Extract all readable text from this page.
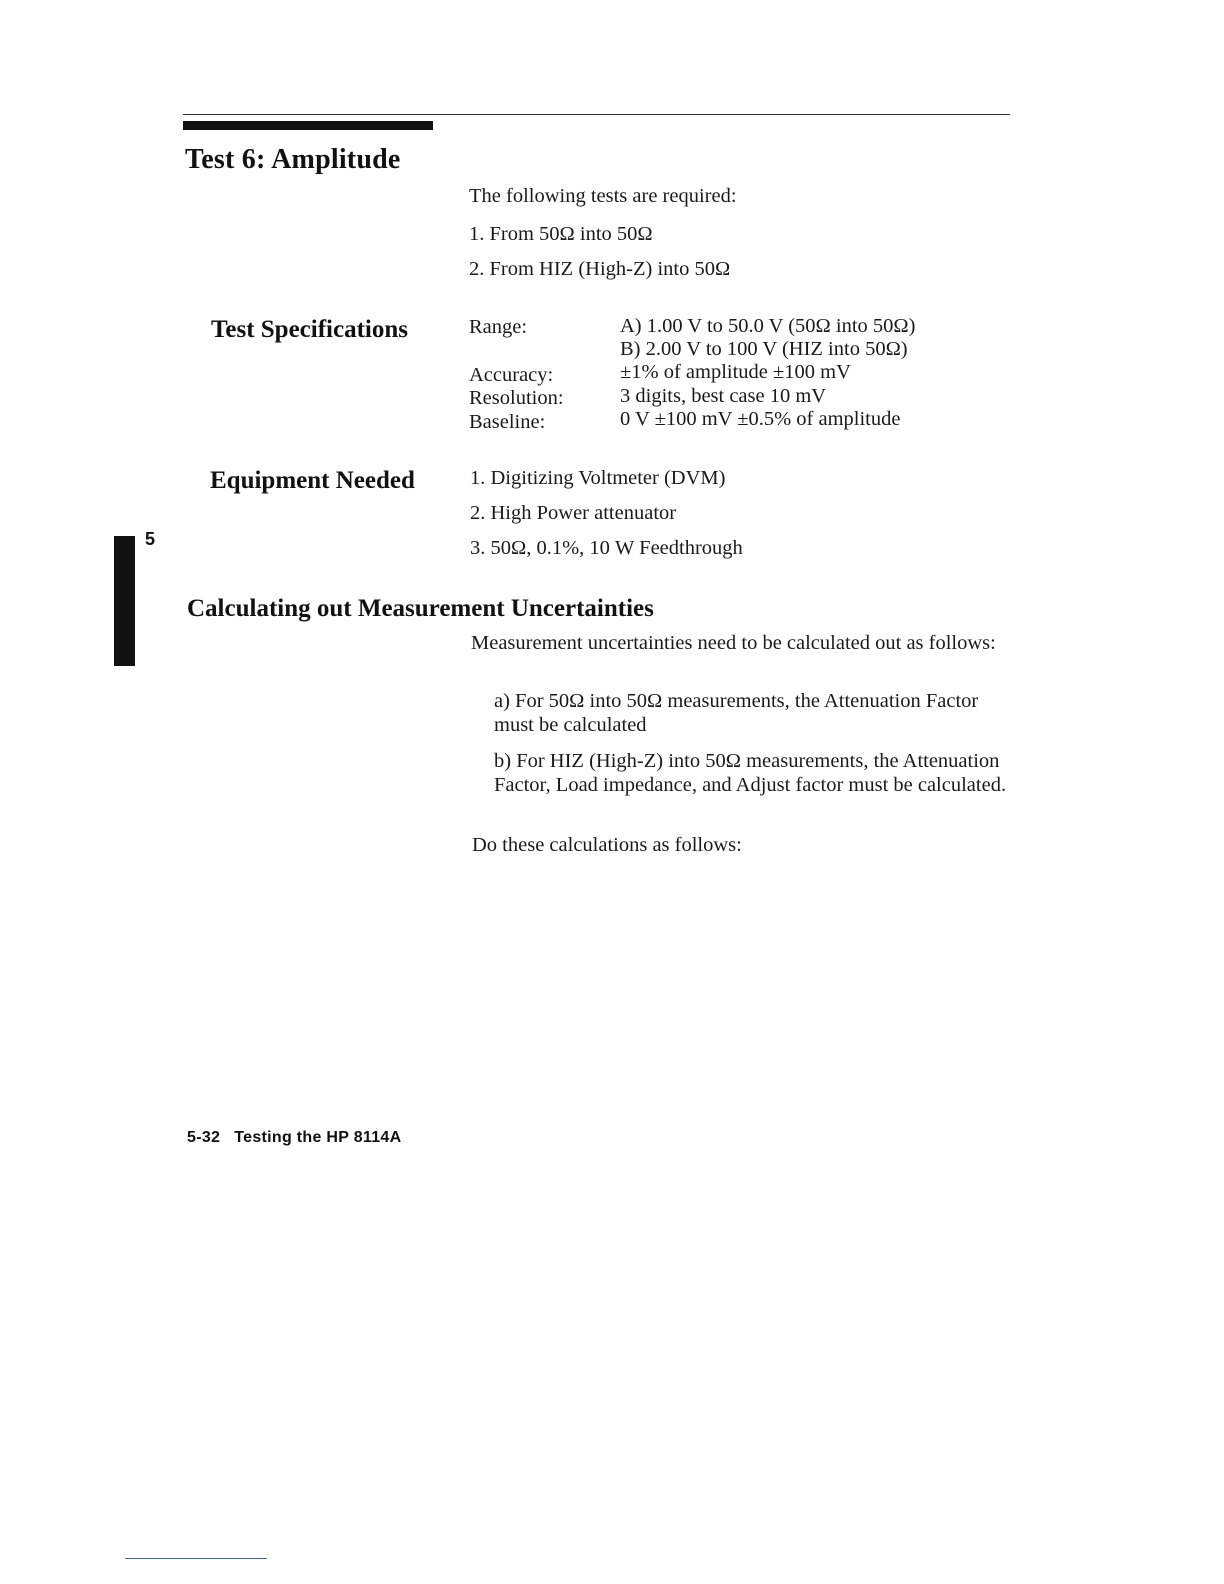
Test 6: Amplitude
The following tests are required:
1. From 50Ω into 50Ω
2. From HIZ (High-Z) into 50Ω
Test Specifications	Range:	A) 1.00 V to 50.0 V (50Ω into 50Ω)
B) 2.00 V to 100 V (HIZ into 50Ω)
Accuracy:	±1% of amplitude ±100 mV
Resolution:	3 digits, best case 10 mV
Baseline:	0 V ±100 mV ±0.5% of amplitude
Equipment Needed	1. Digitizing Voltmeter (DVM)
2. High Power attenuator
3. 50Ω, 0.1%, 10 W Feedthrough
5
Calculating out Measurement Uncertainties
Measurement uncertainties need to be calculated out as follows:
a) For 50Ω into 50Ω measurements, the Attenuation Factor must be calculated
b) For HIZ (High-Z) into 50Ω measurements, the Attenuation Factor, Load impedance, and Adjust factor must be calculated.
Do these calculations as follows:
5-32 Testing the HP 8114A
